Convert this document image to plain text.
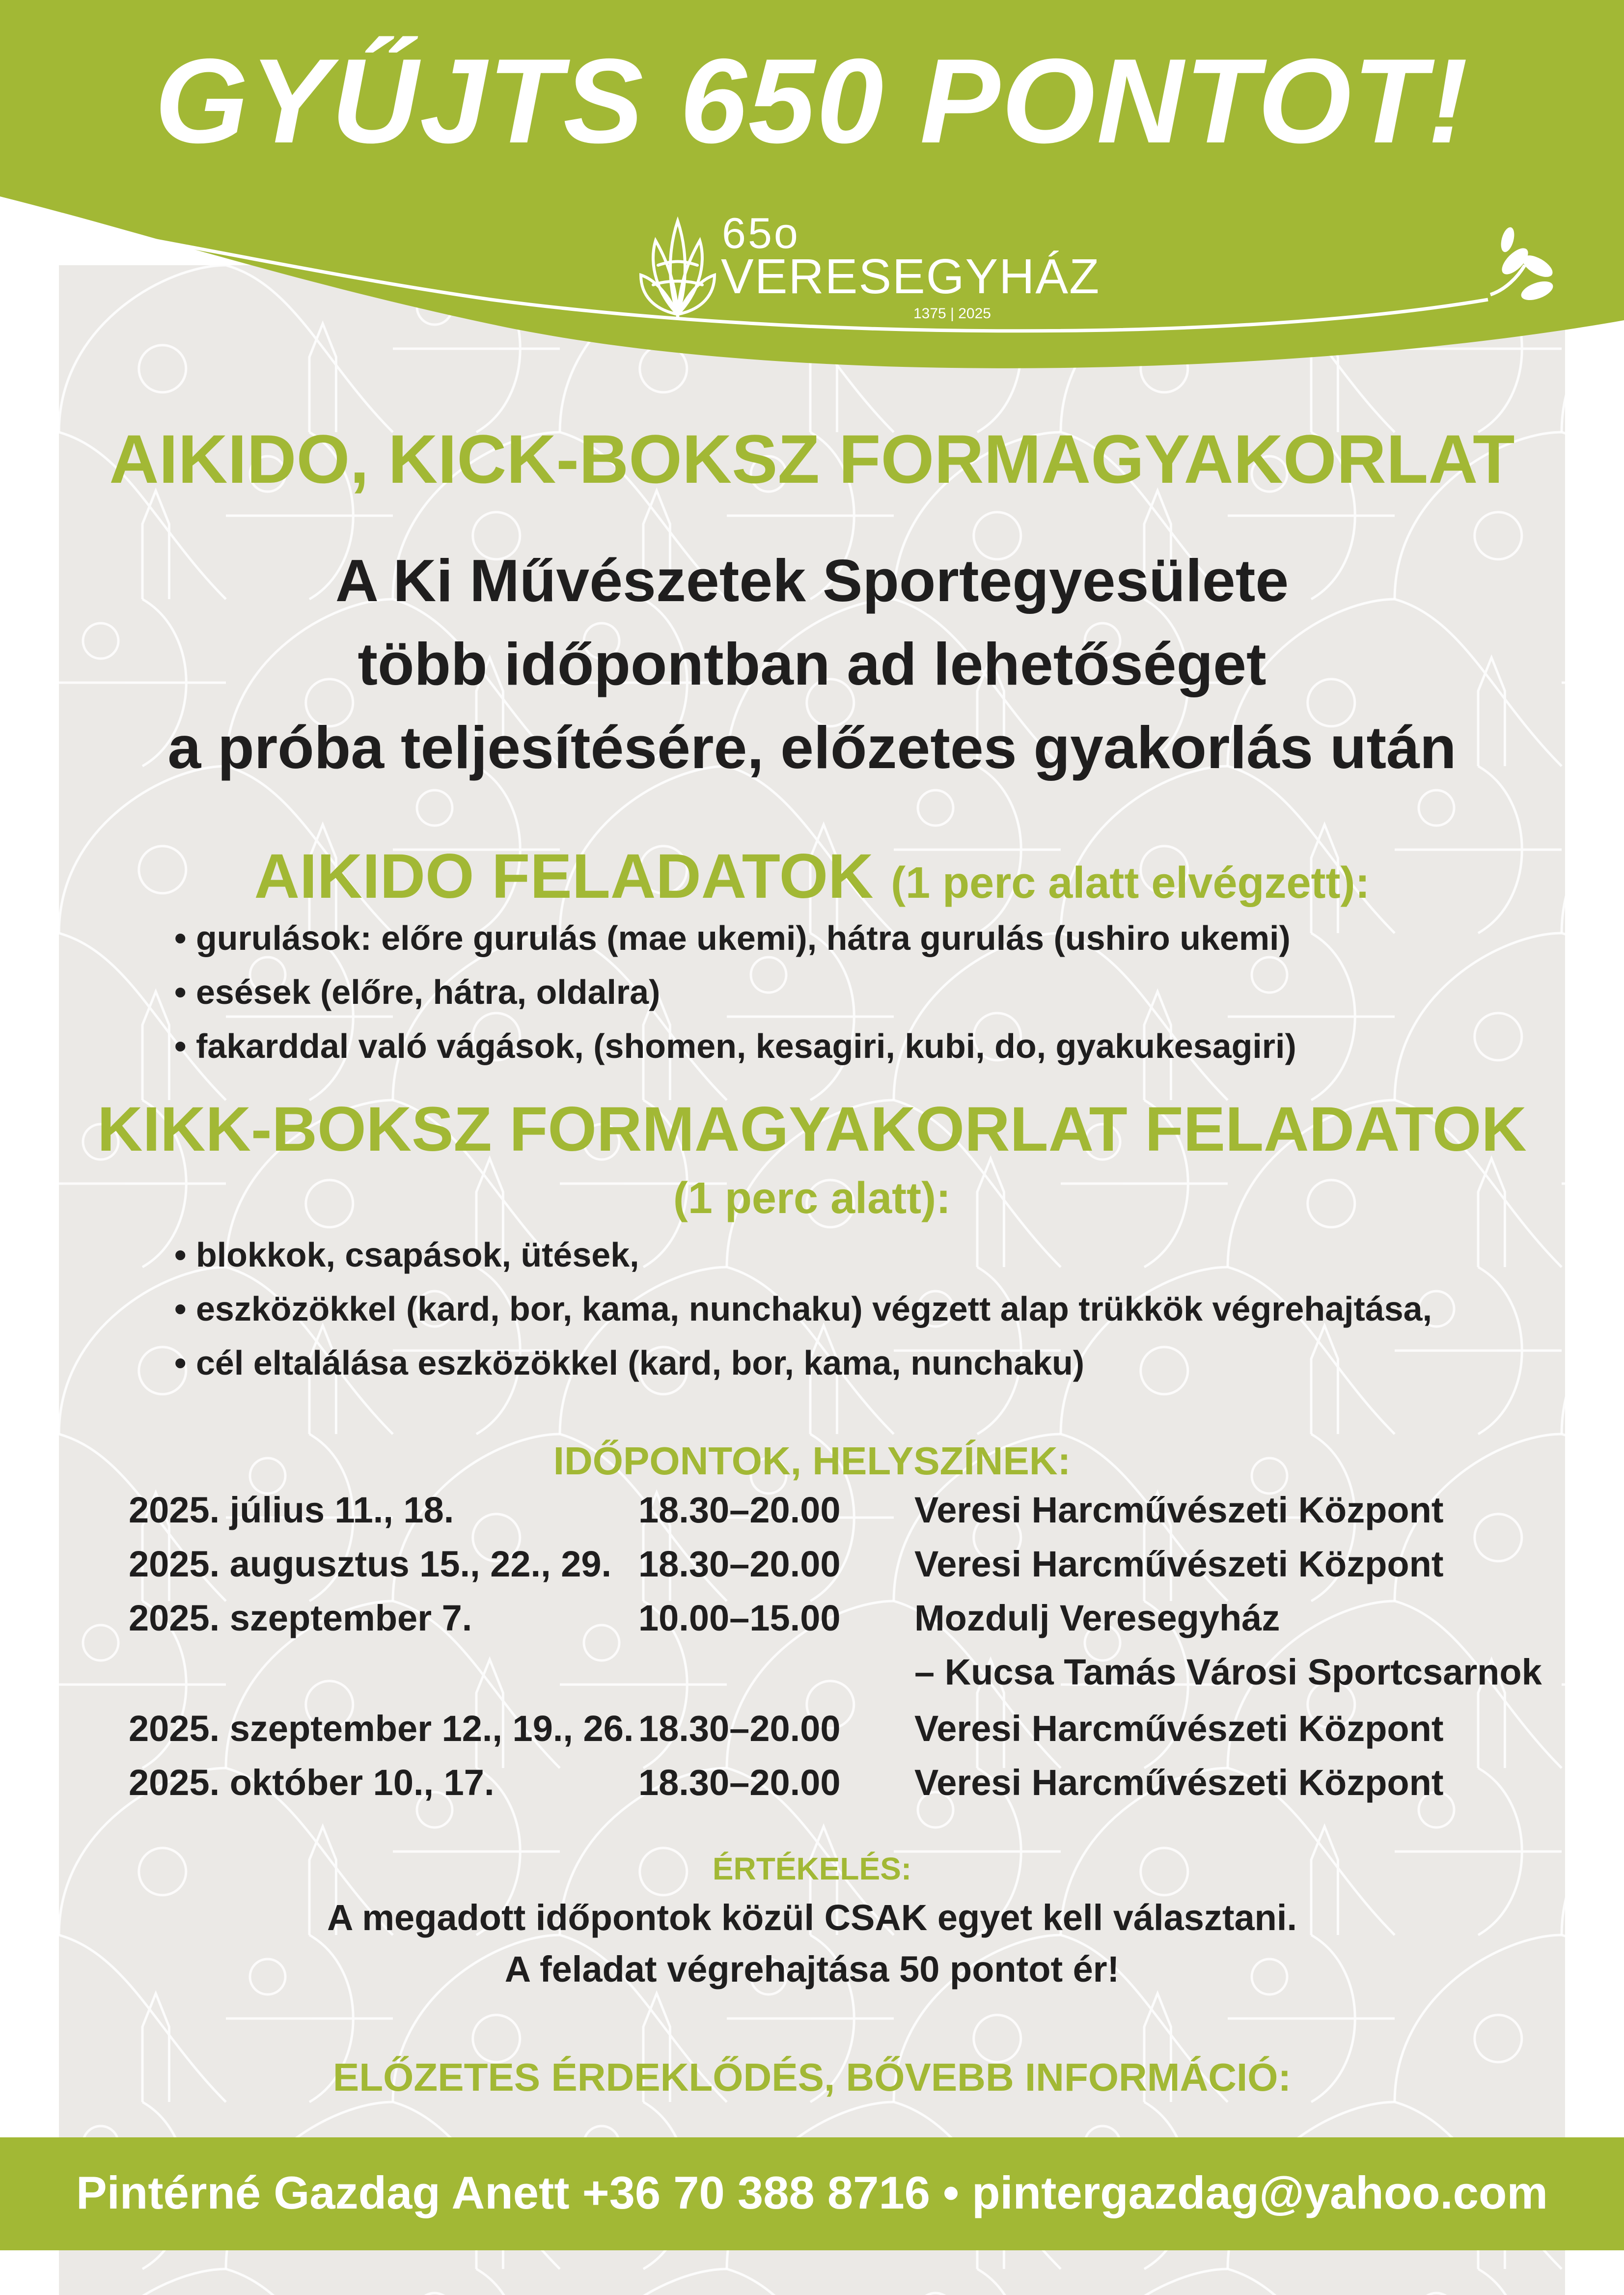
GYŰJTS 650 PONTOT!
65o
VERESEGYHÁZ
1375 | 2025
AIKIDO, KICK-BOKSZ FORMAGYAKORLAT
A Ki Művészetek Sportegyesülete
több időpontban ad lehetőséget
a próba teljesítésére, előzetes gyakorlás után
AIKIDO FELADATOK (1 perc alatt elvégzett):
• gurulások: előre gurulás (mae ukemi), hátra gurulás (ushiro ukemi)
• esések (előre, hátra, oldalra)
• fakarddal való vágások, (shomen, kesagiri, kubi, do, gyakukesagiri)
KIKK-BOKSZ FORMAGYAKORLAT FELADATOK
(1 perc alatt):
• blokkok, csapások, ütések,
• eszközökkel (kard, bor, kama, nunchaku) végzett alap trükkök végrehajtása,
• cél eltalálása eszközökkel (kard, bor, kama, nunchaku)
IDŐPONTOK, HELYSZÍNEK:
2025. július 11., 18.	18.30–20.00 Veresi Harcművészeti Központ
2025. augusztus 15., 22., 29. 18.30–20.00 Veresi Harcművészeti Központ
2025. szeptember 7.	10.00–15.00 Mozdulj Veresegyház
– Kucsa Tamás Városi Sportcsarnok
2025. szeptember 12., 19., 26. 18.30–20.00 Veresi Harcművészeti Központ
2025. október 10., 17.	18.30–20.00 Veresi Harcművészeti Központ
ÉRTÉKELÉS:
A megadott időpontok közül CSAK egyet kell választani.
A feladat végrehajtása 50 pontot ér!
ELŐZETES ÉRDEKLŐDÉS, BŐVEBB INFORMÁCIÓ:
Pintérné Gazdag Anett +36 70 388 8716 • pintergazdag@yahoo.com
